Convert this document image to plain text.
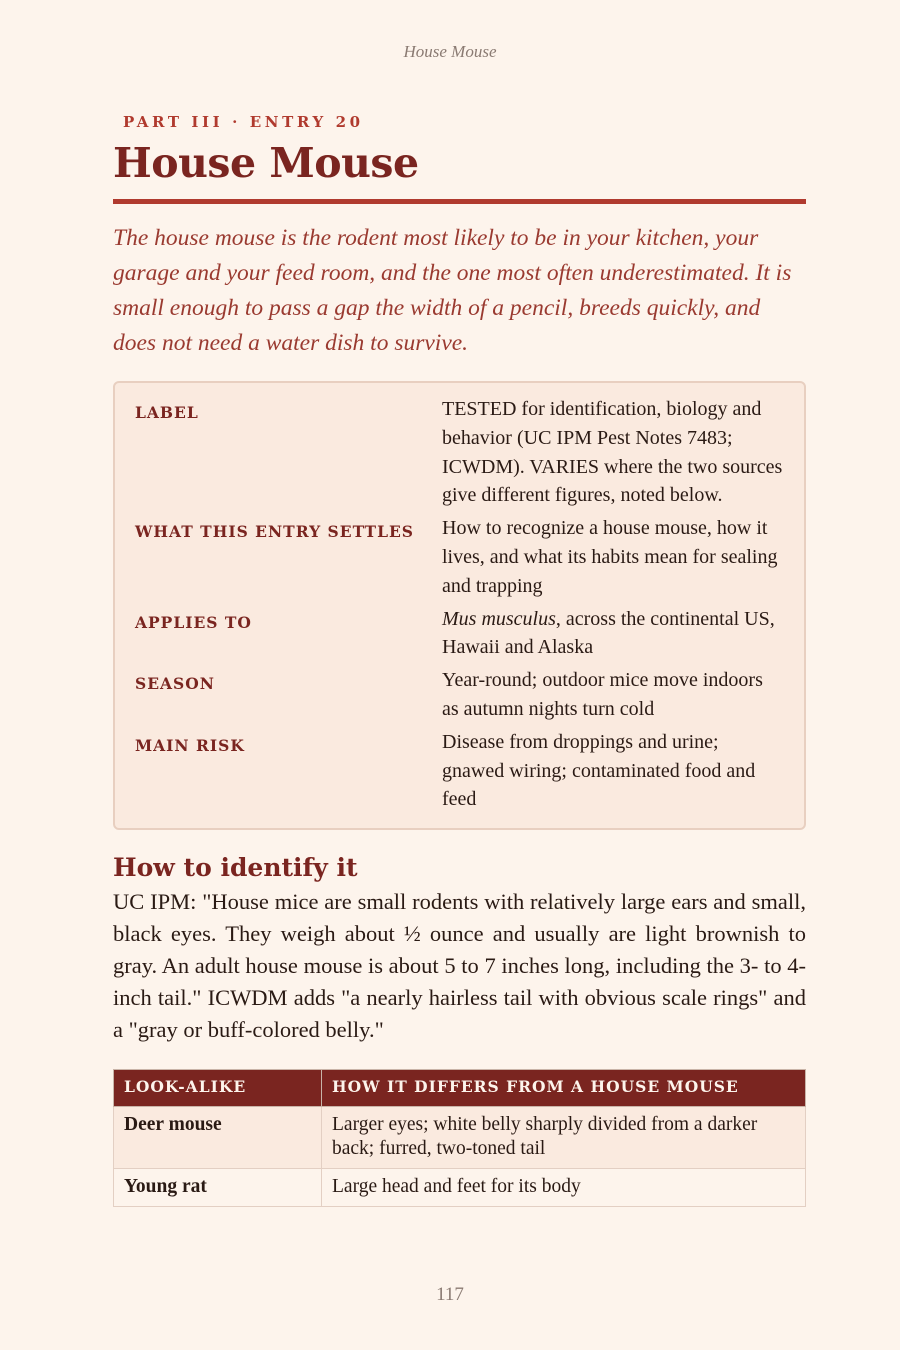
House Mouse
PART III · ENTRY 20
House Mouse

The house mouse is the rodent most likely to be in your kitchen, your garage and your feed room, and the one most often underestimated. It is small enough to pass a gap the width of a pencil, breeds quickly, and does not need a water dish to survive.

LABEL	TESTED for identification, biology and behavior (UC IPM Pest Notes 7483; ICWDM). VARIES where the two sources give different figures, noted below.
WHAT THIS ENTRY SETTLES	How to recognize a house mouse, how it lives, and what its habits mean for sealing and trapping
APPLIES TO	Mus musculus, across the continental US, Hawaii and Alaska
SEASON	Year-round; outdoor mice move indoors as autumn nights turn cold
MAIN RISK	Disease from droppings and urine; gnawed wiring; contaminated food and feed
How to identify it

UC IPM: "House mice are small rodents with relatively large ears and small, black eyes. They weigh about ½ ounce and usually are light brownish to gray. An adult house mouse is about 5 to 7 inches long, including the 3- to 4-inch tail." ICWDM adds "a nearly hairless tail with obvious scale rings" and a "gray or buff-colored belly."

LOOK-ALIKE	HOW IT DIFFERS FROM A HOUSE MOUSE
Deer mouse	Larger eyes; white belly sharply divided from a darker back; furred, two-toned tail
Young rat	Large head and feet for its body
117
